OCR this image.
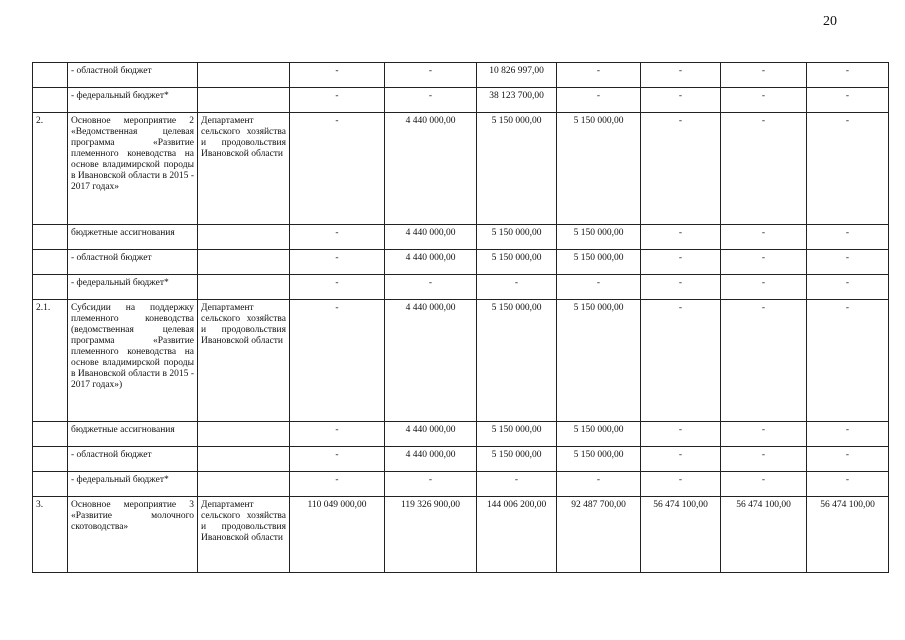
20
	- областной бюджет		-	-	10 826 997,00	-	-	-	-
	- федеральный бюджет*		-	-	38 123 700,00	-	-	-	-
2.	Основное мероприятие 2 «Ведомственная целевая программа «Развитие племенного коневодства на основе владимирской породы в Ивановской области в 2015 - 2017 годах»	Департамент сельского хозяйства и продовольствия Ивановской области	-	4 440 000,00	5 150 000,00	5 150 000,00	-	-	-
	бюджетные ассигнования		-	4 440 000,00	5 150 000,00	5 150 000,00	-	-	-
	- областной бюджет		-	4 440 000,00	5 150 000,00	5 150 000,00	-	-	-
	- федеральный бюджет*		-	-	-	-	-	-	-
2.1.	Субсидии на поддержку племенного коневодства (ведомственная целевая программа «Развитие племенного коневодства на основе владимирской породы в Ивановской области в 2015 - 2017 годах»)	Департамент сельского хозяйства и продовольствия Ивановской области	-	4 440 000,00	5 150 000,00	5 150 000,00	-	-	-
	бюджетные ассигнования		-	4 440 000,00	5 150 000,00	5 150 000,00	-	-	-
	- областной бюджет		-	4 440 000,00	5 150 000,00	5 150 000,00	-	-	-
	- федеральный бюджет*		-	-	-	-	-	-	-
3.	Основное мероприятие 3 «Развитие молочного скотоводства»	Департамент сельского хозяйства и продовольствия Ивановской области	110 049 000,00	119 326 900,00	144 006 200,00	92 487 700,00	56 474 100,00	56 474 100,00	56 474 100,00
